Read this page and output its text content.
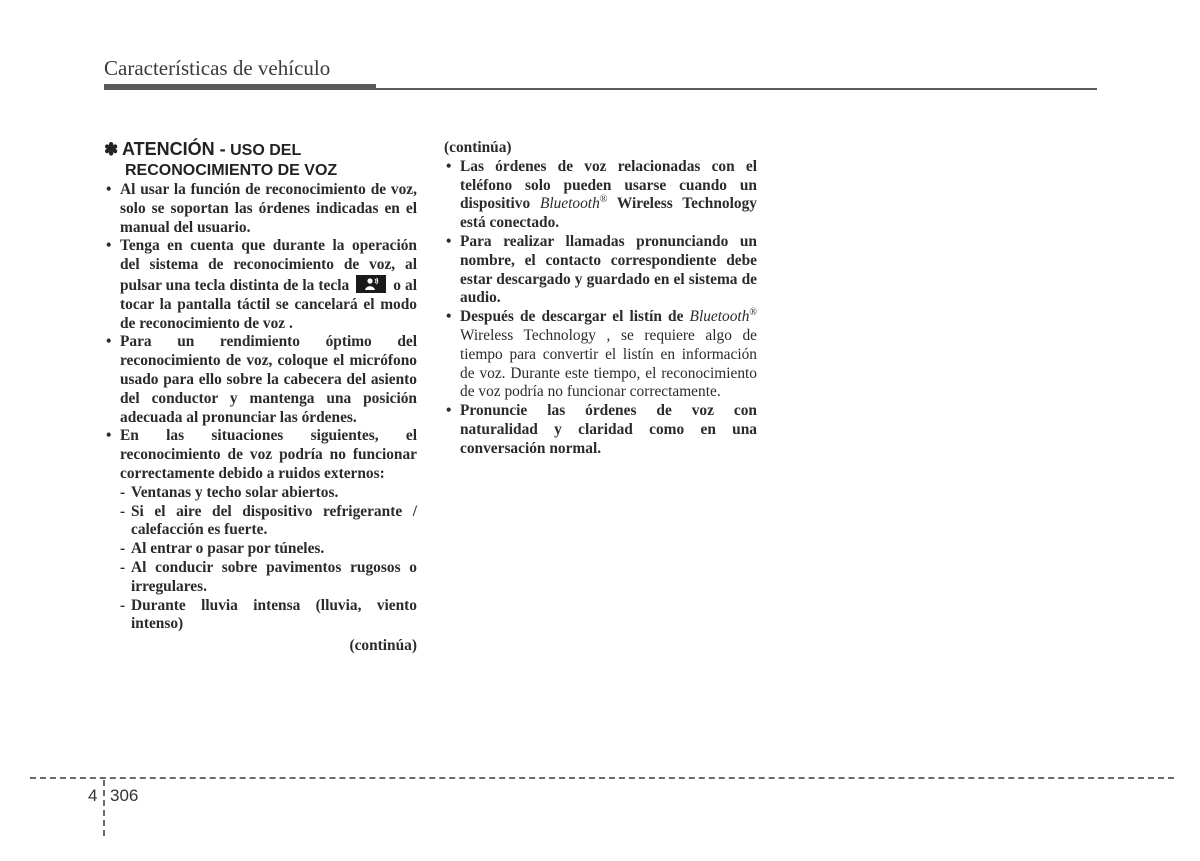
Características de vehículo
✽ ATENCIÓN - USO DEL
RECONOCIMIENTO DE VOZ
• Al usar la función de reconocimiento de voz, solo se soportan las órdenes indicadas en el manual del usuario.
• Tenga en cuenta que durante la operación del sistema de reconocimiento de voz, al pulsar una tecla distinta de la tecla	o al tocar la pantalla táctil se cancelará el modo de reconocimiento de voz .
• Para un rendimiento óptimo del reconocimiento de voz, coloque el micrófono usado para ello sobre la cabecera del asiento del conductor y mantenga una posición adecuada al pronunciar las órdenes.
• En las situaciones siguientes, el reconocimiento de voz podría no funcionar correctamente debido a ruidos externos:
- Ventanas y techo solar abiertos.
- Si el aire del dispositivo refrigerante / calefacción es fuerte.
- Al entrar o pasar por túneles.
- Al conducir sobre pavimentos rugosos o irregulares.
- Durante lluvia intensa (lluvia, viento intenso)
(continúa)
(continúa)
• Las órdenes de voz relacionadas con el teléfono solo pueden usarse cuando un dispositivo Bluetooth® Wireless Technology está conectado.
• Para realizar llamadas pronunciando un nombre, el contacto correspondiente debe estar descargado y guardado en el sistema de audio.
• Después de descargar el listín de Bluetooth® Wireless Technology , se requiere algo de tiempo para convertir el listín en información de voz. Durante este tiempo, el reconocimiento de voz podría no funcionar correctamente.
• Pronuncie las órdenes de voz con naturalidad y claridad como en una conversación normal.
4 306
